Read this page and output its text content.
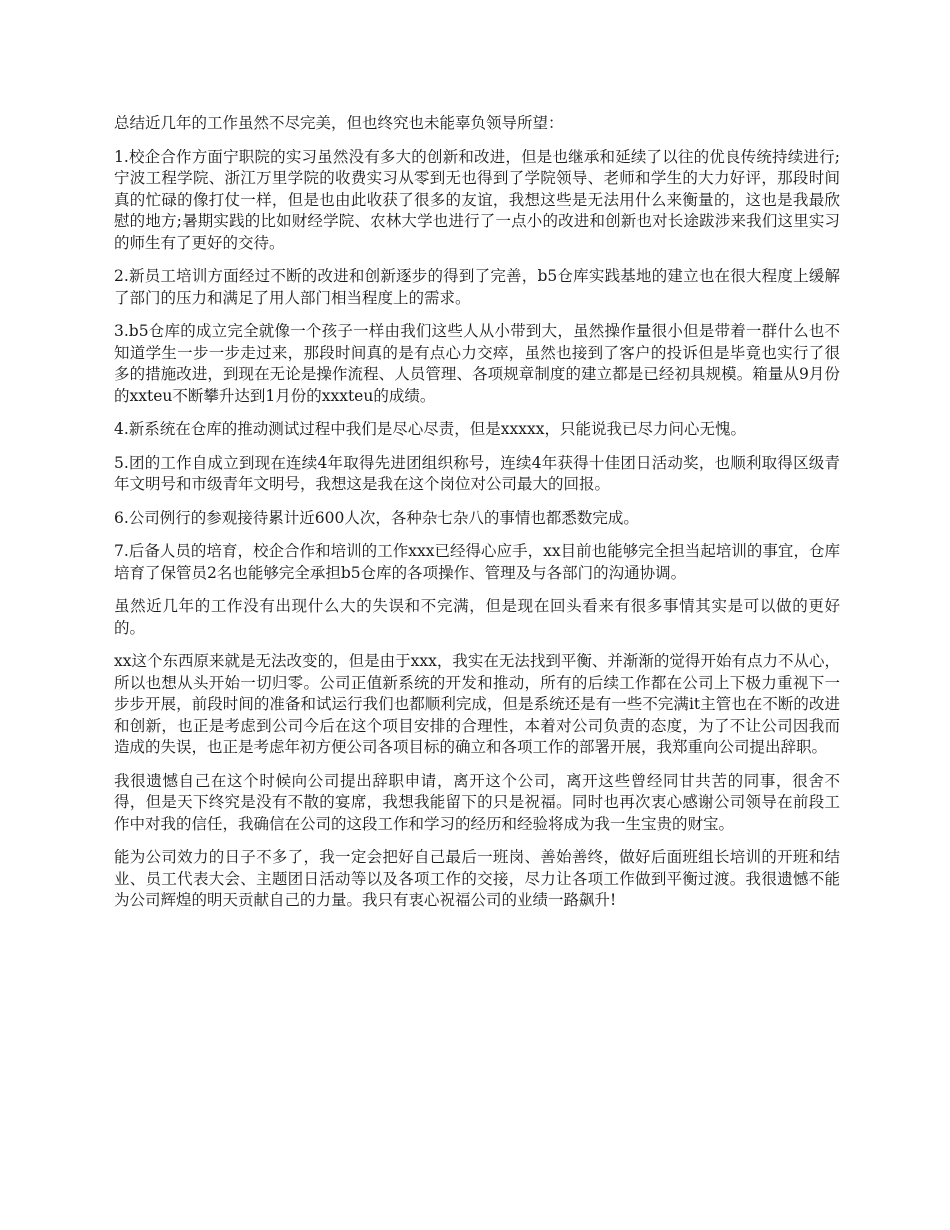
总结近几年的工作虽然不尽完美，但也终究也未能辜负领导所望：

1.校企合作方面宁职院的实习虽然没有多大的创新和改进，但是也继承和延续了以往的优良传统持续进行;宁波工程学院、浙江万里学院的收费实习从零到无也得到了学院领导、老师和学生的大力好评，那段时间真的忙碌的像打仗一样，但是也由此收获了很多的友谊，我想这些是无法用什么来衡量的，这也是我最欣慰的地方;暑期实践的比如财经学院、农林大学也进行了一点小的改进和创新也对长途跋涉来我们这里实习的师生有了更好的交待。

2.新员工培训方面经过不断的改进和创新逐步的得到了完善，b5仓库实践基地的建立也在很大程度上缓解了部门的压力和满足了用人部门相当程度上的需求。

3.b5仓库的成立完全就像一个孩子一样由我们这些人从小带到大，虽然操作量很小但是带着一群什么也不知道学生一步一步走过来，那段时间真的是有点心力交瘁，虽然也接到了客户的投诉但是毕竟也实行了很多的措施改进，到现在无论是操作流程、人员管理、各项规章制度的建立都是已经初具规模。箱量从9月份的xxteu不断攀升达到1月份的xxxteu的成绩。

4.新系统在仓库的推动测试过程中我们是尽心尽责，但是xxxxx，只能说我已尽力问心无愧。

5.团的工作自成立到现在连续4年取得先进团组织称号，连续4年获得十佳团日活动奖，也顺利取得区级青年文明号和市级青年文明号，我想这是我在这个岗位对公司最大的回报。

6.公司例行的参观接待累计近600人次，各种杂七杂八的事情也都悉数完成。

7.后备人员的培育，校企合作和培训的工作xxx已经得心应手，xx目前也能够完全担当起培训的事宜，仓库培育了保管员2名也能够完全承担b5仓库的各项操作、管理及与各部门的沟通协调。

虽然近几年的工作没有出现什么大的失误和不完满，但是现在回头看来有很多事情其实是可以做的更好的。

xx这个东西原来就是无法改变的，但是由于xxx，我实在无法找到平衡、并渐渐的觉得开始有点力不从心，所以也想从头开始一切归零。公司正值新系统的开发和推动，所有的后续工作都在公司上下极力重视下一步步开展，前段时间的准备和试运行我们也都顺利完成，但是系统还是有一些不完满it主管也在不断的改进和创新，也正是考虑到公司今后在这个项目安排的合理性，本着对公司负责的态度，为了不让公司因我而造成的失误，也正是考虑年初方便公司各项目标的确立和各项工作的部署开展，我郑重向公司提出辞职。

我很遗憾自己在这个时候向公司提出辞职申请，离开这个公司，离开这些曾经同甘共苦的同事，很舍不得，但是天下终究是没有不散的宴席，我想我能留下的只是祝福。同时也再次衷心感谢公司领导在前段工作中对我的信任，我确信在公司的这段工作和学习的经历和经验将成为我一生宝贵的财宝。

能为公司效力的日子不多了，我一定会把好自己最后一班岗、善始善终，做好后面班组长培训的开班和结业、员工代表大会、主题团日活动等以及各项工作的交接，尽力让各项工作做到平衡过渡。我很遗憾不能为公司辉煌的明天贡献自己的力量。我只有衷心祝福公司的业绩一路飙升!
